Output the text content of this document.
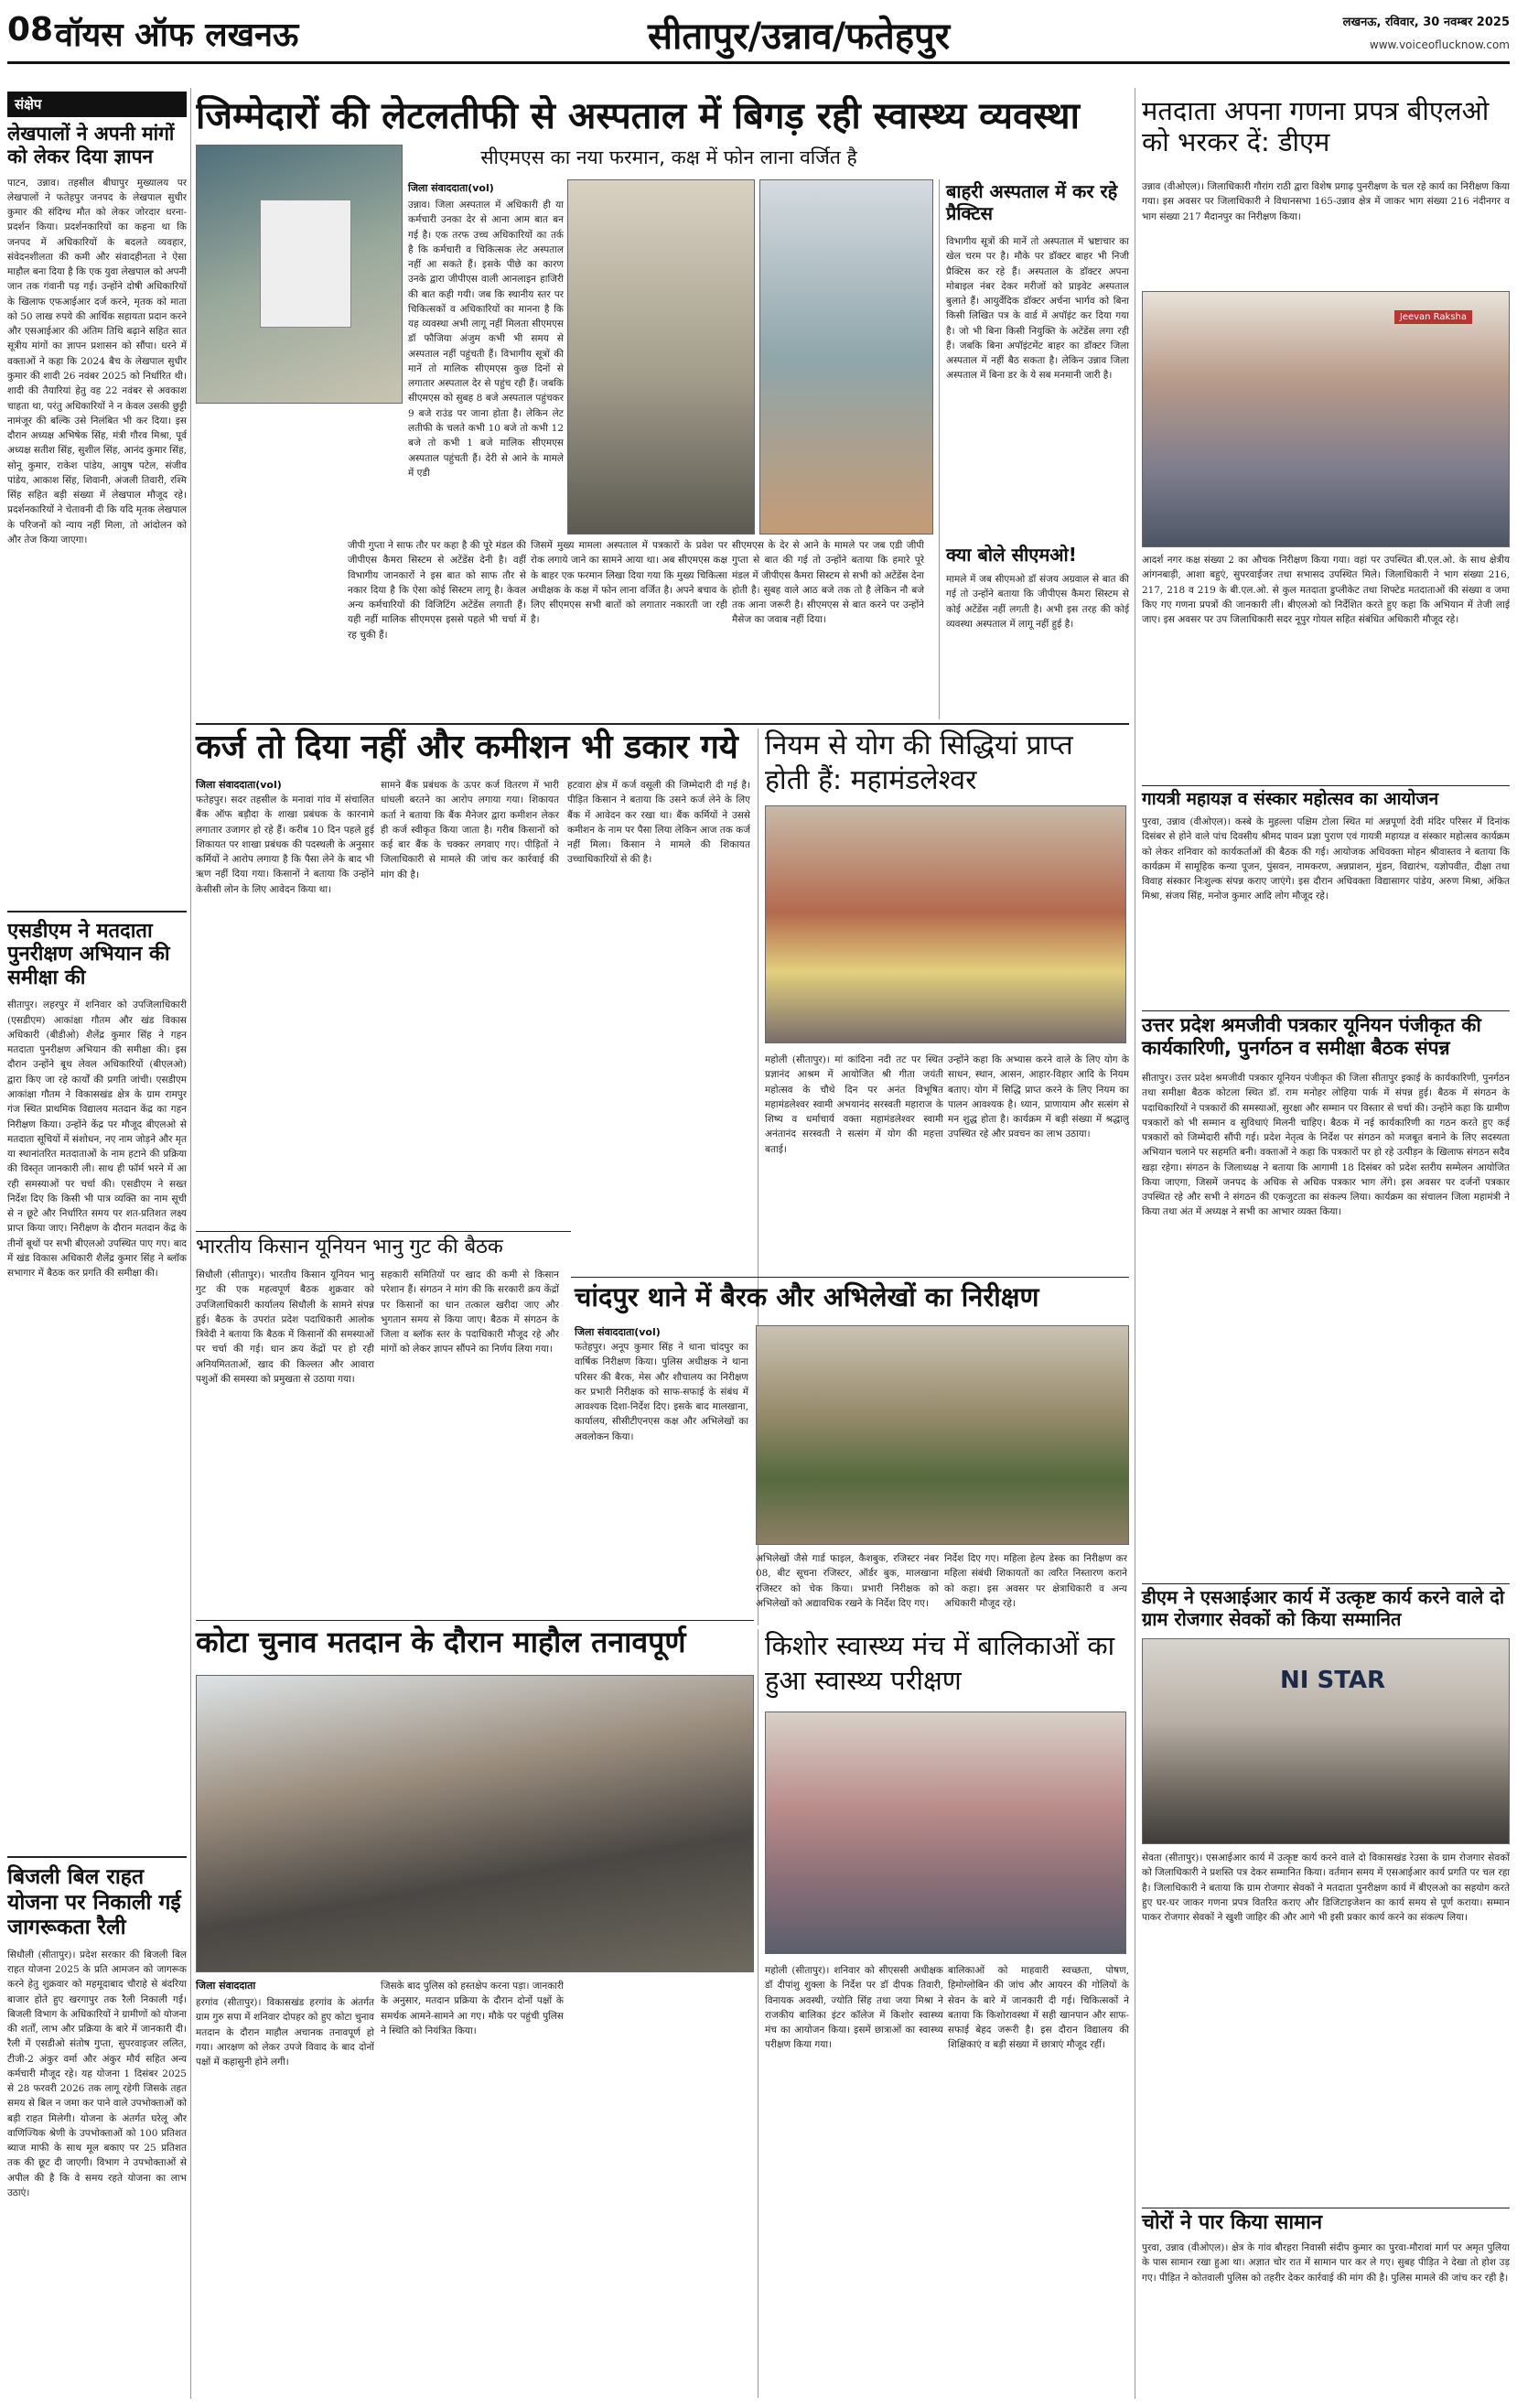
08 वॉयस ऑफ लखनऊ	सीतापुर/उन्नाव/फतेहपुर	लखनऊ, रविवार, 30 नवम्बर 2025
www.voiceoflucknow.com
संक्षेप
लेखपालों ने अपनी मांगों को लेकर दिया ज्ञापन
पाटन, उन्नाव। तहसील बीघापुर मुख्यालय पर लेखपालों ने फतेहपुर जनपद के लेखपाल सुधीर कुमार की संदिग्ध मौत को लेकर जोरदार धरना-प्रदर्शन किया। प्रदर्शनकारियों का कहना था कि जनपद में अधिकारियों के बदलते व्यवहार, संवेदनशीलता की कमी और संवादहीनता ने ऐसा माहौल बना दिया है कि एक युवा लेखपाल को अपनी जान तक गंवानी पड़ गई। उन्होंने दोषी अधिकारियों के खिलाफ एफआईआर दर्ज करने, मृतक को माता को 50 लाख रुपये की आर्थिक सहायता प्रदान करने और एसआईआर की अंतिम तिथि बढ़ाने सहित सात सूत्रीय मांगों का ज्ञापन प्रशासन को सौंपा। धरने में वक्ताओं ने कहा कि 2024 बैच के लेखपाल सुधीर कुमार की शादी 26 नवंबर 2025 को निर्धारित थी। शादी की तैयारियां हेतु वह 22 नवंबर से अवकाश चाहता था, परंतु अधिकारियों ने न केवल उसकी छुट्टी नामंजूर की बल्कि उसे निलंबित भी कर दिया। इस दौरान अध्यक्ष अभिषेक सिंह, मंत्री गौरव मिश्रा, पूर्व अध्यक्ष सतीश सिंह, सुशील सिंह, आनंद कुमार सिंह, सोनू कुमार, राकेश पांडेय, आयुष पटेल, संजीव पांडेय, आकाश सिंह, शिवानी, अंजली तिवारी, रश्मि सिंह सहित बड़ी संख्या में लेखपाल मौजूद रहे। प्रदर्शनकारियों ने चेतावनी दी कि यदि मृतक लेखपाल के परिजनों को न्याय नहीं मिला, तो आंदोलन को और तेज किया जाएगा।
एसडीएम ने मतदाता पुनरीक्षण अभियान की समीक्षा की
सीतापुर। लहरपुर में शनिवार को उपजिलाधिकारी (एसडीएम) आकांक्षा गौतम और खंड विकास अधिकारी (बीडीओ) शैलेंद्र कुमार सिंह ने गहन मतदाता पुनरीक्षण अभियान की समीक्षा की। इस दौरान उन्होंने बूथ लेवल अधिकारियों (बीएलओ) द्वारा किए जा रहे कार्यों की प्रगति जांची। एसडीएम आकांक्षा गौतम ने विकासखंड क्षेत्र के ग्राम रामपुर गंज स्थित प्राथमिक विद्यालय मतदान केंद्र का गहन निरीक्षण किया। उन्होंने केंद्र पर मौजूद बीएलओ से मतदाता सूचियों में संशोधन, नए नाम जोड़ने और मृत या स्थानांतरित मतदाताओं के नाम हटाने की प्रक्रिया की विस्तृत जानकारी ली। साथ ही फॉर्म भरने में आ रही समस्याओं पर चर्चा की। एसडीएम ने सख्त निर्देश दिए कि किसी भी पात्र व्यक्ति का नाम सूची से न छूटे और निर्धारित समय पर शत-प्रतिशत लक्ष्य प्राप्त किया जाए। निरीक्षण के दौरान मतदान केंद्र के तीनों बूथों पर सभी बीएलओ उपस्थित पाए गए। बाद में खंड विकास अधिकारी शैलेंद्र कुमार सिंह ने ब्लॉक सभागार में बैठक कर प्रगति की समीक्षा की।
बिजली बिल राहत योजना पर निकाली गई जागरूकता रैली
सिधौली (सीतापुर)। प्रदेश सरकार की बिजली बिल राहत योजना 2025 के प्रति आमजन को जागरूक करने हेतु शुक्रवार को महमूदाबाद चौराहे से बंदरिया बाजार होते हुए खरगापुर तक रैली निकाली गई। बिजली विभाग के अधिकारियों ने ग्रामीणों को योजना की शर्तों, लाभ और प्रक्रिया के बारे में जानकारी दी। रैली में एसडीओ संतोष गुप्ता, सुपरवाइजर ललित, टीजी-2 अंकुर वर्मा और अंकुर मौर्य सहित अन्य कर्मचारी मौजूद रहे। यह योजना 1 दिसंबर 2025 से 28 फरवरी 2026 तक लागू रहेगी जिसके तहत समय से बिल न जमा कर पाने वाले उपभोक्ताओं को बड़ी राहत मिलेगी। योजना के अंतर्गत घरेलू और वाणिज्यिक श्रेणी के उपभोक्ताओं को 100 प्रतिशत ब्याज माफी के साथ मूल बकाए पर 25 प्रतिशत तक की छूट दी जाएगी। विभाग ने उपभोक्ताओं से अपील की है कि वे समय रहते योजना का लाभ उठाएं।
जिम्मेदारों की लेटलतीफी से अस्पताल में बिगड़ रही स्वास्थ्य व्यवस्था
जिला संवाददाता(vol)
उन्नाव। जिला अस्पताल में अधिकारी ही या कर्मचारी उनका देर से आना आम बात बन गई है। एक तरफ उच्च अधिकारियों का तर्क है कि कर्मचारी व चिकित्सक लेट अस्पताल नहीं आ सकते हैं। इसके पीछे का कारण उनके द्वारा जीपीएस वाली आनलाइन हाजिरी की बात कही गयी। जब कि स्थानीय स्तर पर चिकित्सकों व अधिकारियों का मानना है कि यह व्यवस्था अभी लागू नहीं मिलता सीएमएस डॉ फौजिया अंजुम कभी भी समय से अस्पताल नहीं पहुंचती हैं। विभागीय सूत्रों की मानें तो मालिक सीएमएस कुछ दिनों से लगातार अस्पताल देर से पहुंच रही हैं। जबकि सीएमएस को सुबह 8 बजे अस्पताल पहुंचकर 9 बजे राउंड पर जाना होता है। लेकिन लेट लतीफी के चलते कभी 10 बजे तो कभी 12 बजे तो कभी 1 बजे मालिक सीएमएस अस्पताल पहुंचती हैं। देरी से आने के मामले में एडी
सीएमएस का नया फरमान, कक्ष में फोन लाना वर्जित है
जीपी गुप्ता ने साफ तौर पर कहा है की पूरे मंडल की जीपीएस कैमरा सिस्टम से अटेंडेंस देनी है। वहीं विभागीय जानकारों ने इस बात को साफ तौर से नकार दिया है कि ऐसा कोई सिस्टम लागू है। केवल अन्य कर्मचारियों की विजिटिंग अटेंडेंस लगाती हैं। यही नहीं मालिक सीएमएस इससे पहले भी चर्चा में रह चुकी हैं।
जिसमें मुख्य मामला अस्पताल में पत्रकारों के प्रवेश पर रोक लगाये जाने का सामने आया था। अब सीएमएस कक्ष के बाहर एक फरमान लिखा दिया गया कि मुख्य चिकित्सा अधीक्षक के कक्ष में फोन लाना वर्जित है। अपने बचाव के लिए सीएमएस सभी बातों को लगातार नकारती जा रही है।
सीएमएस के देर से आने के मामले पर जब एडी जीपी गुप्ता से बात की गई तो उन्होंने बताया कि हमारे पूरे मंडल में जीपीएस कैमरा सिस्टम से सभी को अटेंडेंस देना होती है। सुबह वाले आठ बजे तक तो है लेकिन नौ बजे तक आना जरूरी है। सीएमएस से बात करने पर उन्होंने मैसेज का जवाब नहीं दिया।
बाहरी अस्पताल में कर रहे प्रैक्टिस
विभागीय सूत्रों की मानें तो अस्पताल में भ्रष्टाचार का खेल चरम पर है। मौके पर डॉक्टर बाहर भी निजी प्रैक्टिस कर रहे हैं। अस्पताल के डॉक्टर अपना मोबाइल नंबर देकर मरीजों को प्राइवेट अस्पताल बुलाते हैं। आयुर्वेदिक डॉक्टर अर्चना भार्गव को बिना किसी लिखित पत्र के वार्ड में अपॉइंट कर दिया गया है। जो भी बिना किसी नियुक्ति के अटेंडेंस लगा रही हैं। जबकि बिना अपॉइंटमेंट बाहर का डॉक्टर जिला अस्पताल में नहीं बैठ सकता है। लेकिन उन्नाव जिला अस्पताल में बिना डर के ये सब मनमानी जारी है।
क्या बोले सीएमओ!
मामले में जब सीएमओ डॉ संजय अग्रवाल से बात की गई तो उन्होंने बताया कि जीपीएस कैमरा सिस्टम से कोई अटेंडेंस नहीं लगती है। अभी इस तरह की कोई व्यवस्था अस्पताल में लागू नहीं हुई है।
कर्ज तो दिया नहीं और कमीशन भी डकार गये
जिला संवाददाता(vol)
फतेहपुर। सदर तहसील के मनावां गांव में संचालित बैंक ऑफ बड़ौदा के शाखा प्रबंधक के कारनामे लगातार उजागर हो रहे हैं। करीब 10 दिन पहले हुई शिकायत पर शाखा प्रबंधक की पदस्थली के अनुसार कर्मियों ने आरोप लगाया है कि पैसा लेने के बाद भी ऋण नहीं दिया गया। किसानों ने बताया कि उन्होंने केसीसी लोन के लिए आवेदन किया था।
सामने बैंक प्रबंधक के ऊपर कर्ज वितरण में भारी धांधली बरतने का आरोप लगाया गया। शिकायत कर्ता ने बताया कि बैंक मैनेजर द्वारा कमीशन लेकर ही कर्ज स्वीकृत किया जाता है। गरीब किसानों को कई बार बैंक के चक्कर लगवाए गए। पीड़ितों ने जिलाधिकारी से मामले की जांच कर कार्रवाई की मांग की है।
हटवारा क्षेत्र में कर्ज वसूली की जिम्मेदारी दी गई है। पीड़ित किसान ने बताया कि उसने कर्ज लेने के लिए बैंक में आवेदन कर रखा था। बैंक कर्मियों ने उससे कमीशन के नाम पर पैसा लिया लेकिन आज तक कर्ज नहीं मिला। किसान ने मामले की शिकायत उच्चाधिकारियों से की है।
भारतीय किसान यूनियन भानु गुट की बैठक
सिधौली (सीतापुर)। भारतीय किसान यूनियन भानु गुट की एक महत्वपूर्ण बैठक शुक्रवार को उपजिलाधिकारी कार्यालय सिधौली के सामने संपन्न हुई। बैठक के उपरांत प्रदेश पदाधिकारी आलोक त्रिवेदी ने बताया कि बैठक में किसानों की समस्याओं पर चर्चा की गई। धान क्रय केंद्रों पर हो रही अनियमितताओं, खाद की किल्लत और आवारा पशुओं की समस्या को प्रमुखता से उठाया गया।
सहकारी समितियों पर खाद की कमी से किसान परेशान हैं। संगठन ने मांग की कि सरकारी क्रय केंद्रों पर किसानों का धान तत्काल खरीदा जाए और भुगतान समय से किया जाए। बैठक में संगठन के जिला व ब्लॉक स्तर के पदाधिकारी मौजूद रहे और मांगों को लेकर ज्ञापन सौंपने का निर्णय लिया गया।
नियम से योग की सिद्धियां प्राप्त होती हैं: महामंडलेश्वर
महोली (सीतापुर)। मां कांदिना नदी तट पर स्थित प्रज्ञानंद आश्रम में आयोजित श्री गीता जयंती महोत्सव के चौथे दिन पर अनंत विभूषित महामंडलेश्वर स्वामी अभयानंद सरस्वती महाराज के शिष्य व धर्माचार्य वक्ता महामंडलेश्वर स्वामी अनंतानंद सरस्वती ने सत्संग में योग की महत्ता बताई।
उन्होंने कहा कि अभ्यास करने वाले के लिए योग के साधन, स्थान, आसन, आहार-विहार आदि के नियम बताए। योग में सिद्धि प्राप्त करने के लिए नियम का पालन आवश्यक है। ध्यान, प्राणायाम और सत्संग से मन शुद्ध होता है। कार्यक्रम में बड़ी संख्या में श्रद्धालु उपस्थित रहे और प्रवचन का लाभ उठाया।
चांदपुर थाने में बैरक और अभिलेखों का निरीक्षण
जिला संवाददाता(vol)
फतेहपुर। अनूप कुमार सिंह ने थाना चांदपुर का वार्षिक निरीक्षण किया। पुलिस अधीक्षक ने थाना परिसर की बैरक, मेस और शौचालय का निरीक्षण कर प्रभारी निरीक्षक को साफ-सफाई के संबंध में आवश्यक दिशा-निर्देश दिए। इसके बाद मालखाना, कार्यालय, सीसीटीएनएस कक्ष और अभिलेखों का अवलोकन किया।
अभिलेखों जैसे गार्ड फाइल, कैशबुक, रजिस्टर नंबर 08, बीट सूचना रजिस्टर, ऑर्डर बुक, मालखाना रजिस्टर को चेक किया। प्रभारी निरीक्षक को अभिलेखों को अद्यावधिक रखने के निर्देश दिए गए।
निर्देश दिए गए। महिला हेल्प डेस्क का निरीक्षण कर महिला संबंधी शिकायतों का त्वरित निस्तारण कराने को कहा। इस अवसर पर क्षेत्राधिकारी व अन्य अधिकारी मौजूद रहे।
कोटा चुनाव मतदान के दौरान माहौल तनावपूर्ण
जिला संवाददाता
हरगांव (सीतापुर)। विकासखंड हरगांव के अंतर्गत ग्राम गुरु सपा में शनिवार दोपहर को हुए कोटा चुनाव मतदान के दौरान माहौल अचानक तनावपूर्ण हो गया। आरक्षण को लेकर उपजे विवाद के बाद दोनों पक्षों में कहासुनी होने लगी।
जिसके बाद पुलिस को हस्तक्षेप करना पड़ा। जानकारी के अनुसार, मतदान प्रक्रिया के दौरान दोनों पक्षों के समर्थक आमने-सामने आ गए। मौके पर पहुंची पुलिस ने स्थिति को नियंत्रित किया।
किशोर स्वास्थ्य मंच में बालिकाओं का हुआ स्वास्थ्य परीक्षण
महोली (सीतापुर)। शनिवार को सीएससी अधीक्षक डॉ दीपांशु शुक्ला के निर्देश पर डॉ दीपक तिवारी, विनायक अवस्थी, ज्योति सिंह तथा जया मिश्रा ने राजकीय बालिका इंटर कॉलेज में किशोर स्वास्थ्य मंच का आयोजन किया। इसमें छात्राओं का स्वास्थ्य परीक्षण किया गया।
बालिकाओं को माहवारी स्वच्छता, पोषण, हिमोग्लोबिन की जांच और आयरन की गोलियों के सेवन के बारे में जानकारी दी गई। चिकित्सकों ने बताया कि किशोरावस्था में सही खानपान और साफ-सफाई बेहद जरूरी है। इस दौरान विद्यालय की शिक्षिकाएं व बड़ी संख्या में छात्राएं मौजूद रहीं।
मतदाता अपना गणना प्रपत्र बीएलओ को भरकर दें: डीएम
उन्नाव (वीओएल)। जिलाधिकारी गौरांग राठी द्वारा विशेष प्रगाढ़ पुनरीक्षण के चल रहे कार्य का निरीक्षण किया गया। इस अवसर पर जिलाधिकारी ने विधानसभा 165-उन्नाव क्षेत्र में जाकर भाग संख्या 216 नंदीनगर व भाग संख्या 217 मैदानपुर का निरीक्षण किया।
Jeevan Raksha
आदर्श नगर कक्ष संख्या 2 का औचक निरीक्षण किया गया। वहां पर उपस्थित बी.एल.ओ. के साथ क्षेत्रीय आंगनबाड़ी, आशा बहुएं, सुपरवाईजर तथा सभासद उपस्थित मिले। जिलाधिकारी ने भाग संख्या 216, 217, 218 व 219 के बी.एल.ओ. से कुल मतदाता डुप्लीकेट तथा शिफ्टेड मतदाताओं की संख्या व जमा किए गए गणना प्रपत्रों की जानकारी ली। बीएलओ को निर्देशित करते हुए कहा कि अभियान में तेजी लाई जाए। इस अवसर पर उप जिलाधिकारी सदर नूपुर गोयल सहित संबंधित अधिकारी मौजूद रहे।
गायत्री महायज्ञ व संस्कार महोत्सव का आयोजन
पुरवा, उन्नाव (वीओएल)। कस्बे के मुहल्ला पक्षिम टोला स्थित मां अन्नपूर्णा देवी मंदिर परिसर में दिनांक दिसंबर से होने वाले पांच दिवसीय श्रीमद पावन प्रज्ञा पुराण एवं गायत्री महायज्ञ व संस्कार महोत्सव कार्यक्रम को लेकर शनिवार को कार्यकर्ताओं की बैठक की गई। आयोजक अधिवक्ता मोहन श्रीवास्तव ने बताया कि कार्यक्रम में सामूहिक कन्या पूजन, पुंसवन, नामकरण, अन्नप्राशन, मुंडन, विद्यारंभ, यज्ञोपवीत, दीक्षा तथा विवाह संस्कार निःशुल्क संपन्न कराए जाएंगे। इस दौरान अधिवक्ता विद्यासागर पांडेय, अरुण मिश्रा, अंकित मिश्रा, संजय सिंह, मनोज कुमार आदि लोग मौजूद रहे।
उत्तर प्रदेश श्रमजीवी पत्रकार यूनियन पंजीकृत की कार्यकारिणी, पुनर्गठन व समीक्षा बैठक संपन्न
सीतापुर। उत्तर प्रदेश श्रमजीवी पत्रकार यूनियन पंजीकृत की जिला सीतापुर इकाई के कार्यकारिणी, पुनर्गठन तथा समीक्षा बैठक कोटला स्थित डॉ. राम मनोहर लोहिया पार्क में संपन्न हुई। बैठक में संगठन के पदाधिकारियों ने पत्रकारों की समस्याओं, सुरक्षा और सम्मान पर विस्तार से चर्चा की। उन्होंने कहा कि ग्रामीण पत्रकारों को भी सम्मान व सुविधाएं मिलनी चाहिए। बैठक में नई कार्यकारिणी का गठन करते हुए कई पत्रकारों को जिम्मेदारी सौंपी गई। प्रदेश नेतृत्व के निर्देश पर संगठन को मजबूत बनाने के लिए सदस्यता अभियान चलाने पर सहमति बनी। वक्ताओं ने कहा कि पत्रकारों पर हो रहे उत्पीड़न के खिलाफ संगठन सदैव खड़ा रहेगा। संगठन के जिलाध्यक्ष ने बताया कि आगामी 18 दिसंबर को प्रदेश स्तरीय सम्मेलन आयोजित किया जाएगा, जिसमें जनपद के अधिक से अधिक पत्रकार भाग लेंगे। इस अवसर पर दर्जनों पत्रकार उपस्थित रहे और सभी ने संगठन की एकजुटता का संकल्प लिया। कार्यक्रम का संचालन जिला महामंत्री ने किया तथा अंत में अध्यक्ष ने सभी का आभार व्यक्त किया।
डीएम ने एसआईआर कार्य में उत्कृष्ट कार्य करने वाले दो ग्राम रोजगार सेवकों को किया सम्मानित
NI STAR
सेवता (सीतापुर)। एसआईआर कार्य में उत्कृष्ट कार्य करने वाले दो विकासखंड रेउसा के ग्राम रोजगार सेवकों को जिलाधिकारी ने प्रशस्ति पत्र देकर सम्मानित किया। वर्तमान समय में एसआईआर कार्य प्रगति पर चल रहा है। जिलाधिकारी ने बताया कि ग्राम रोजगार सेवकों ने मतदाता पुनरीक्षण कार्य में बीएलओ का सहयोग करते हुए घर-घर जाकर गणना प्रपत्र वितरित कराए और डिजिटाइजेशन का कार्य समय से पूर्ण कराया। सम्मान पाकर रोजगार सेवकों ने खुशी जाहिर की और आगे भी इसी प्रकार कार्य करने का संकल्प लिया।
चोरों ने पार किया सामान
पुरवा, उन्नाव (वीओएल)। क्षेत्र के गांव बौरहरा निवासी संदीप कुमार का पुरवा-मौरावां मार्ग पर अमृत पुलिया के पास सामान रखा हुआ था। अज्ञात चोर रात में सामान पार कर ले गए। सुबह पीड़ित ने देखा तो होश उड़ गए। पीड़ित ने कोतवाली पुलिस को तहरीर देकर कार्रवाई की मांग की है। पुलिस मामले की जांच कर रही है।
